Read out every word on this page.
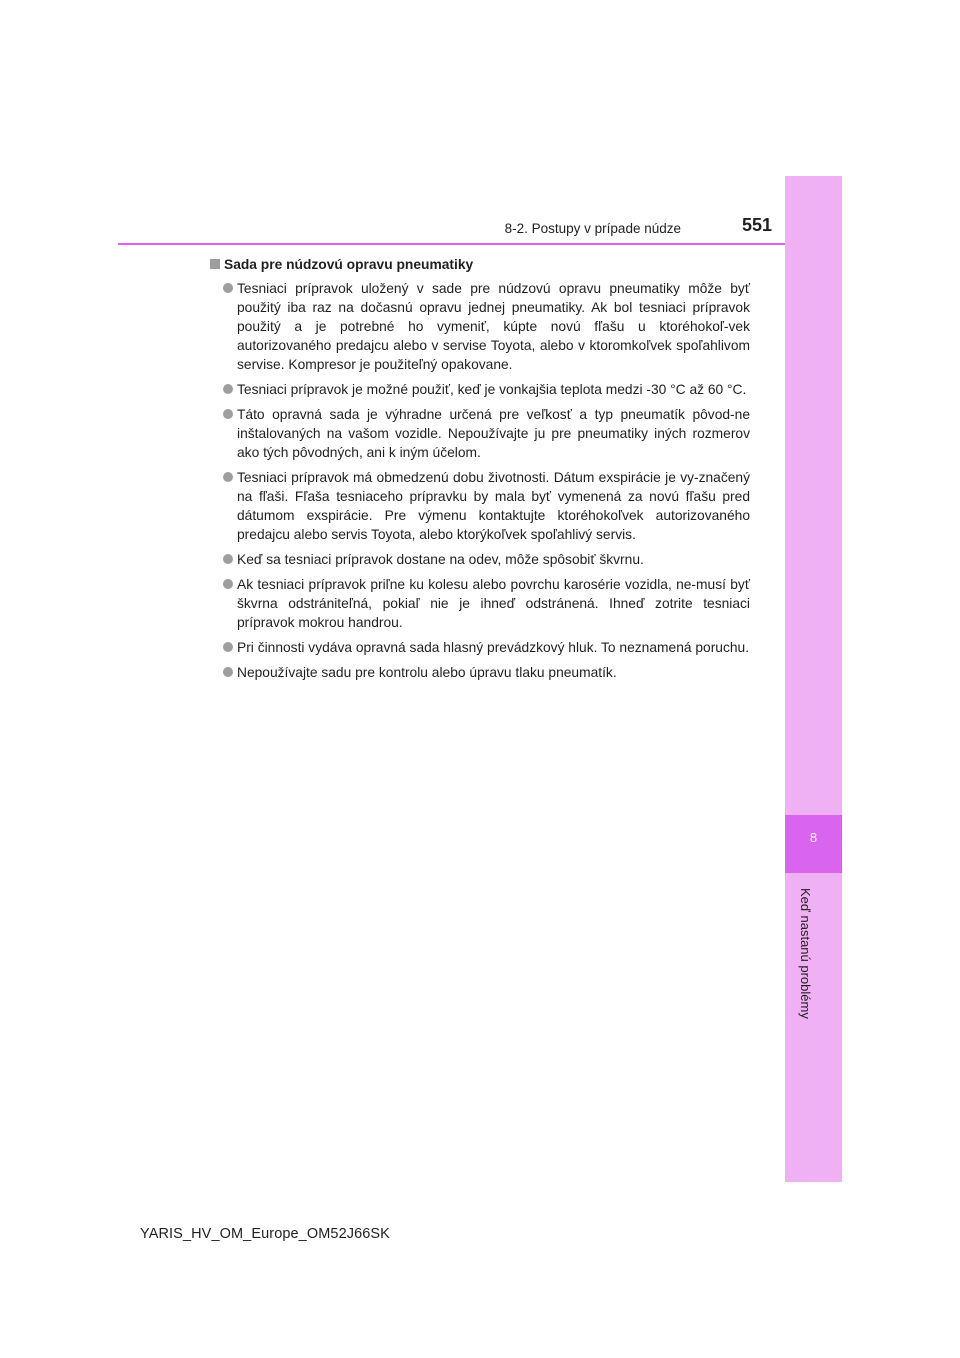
8
Keď nastanú problémy
8-2. Postupy v prípade núdze	551
Sada pre núdzovú opravu pneumatiky
Tesniaci prípravok uložený v sade pre núdzovú opravu pneumatiky môže byť použitý iba raz na dočasnú opravu jednej pneumatiky. Ak bol tesniaci prípravok použitý a je potrebné ho vymeniť, kúpte novú fľašu u ktoréhokoľ-vek autorizovaného predajcu alebo v servise Toyota, alebo v ktoromkoľvek spoľahlivom servise. Kompresor je použiteľný opakovane.
Tesniaci prípravok je možné použiť, keď je vonkajšia teplota medzi -30 °C až 60 °C.
Táto opravná sada je výhradne určená pre veľkosť a typ pneumatík pôvod-ne inštalovaných na vašom vozidle. Nepoužívajte ju pre pneumatiky iných rozmerov ako tých pôvodných, ani k iným účelom.
Tesniaci prípravok má obmedzenú dobu životnosti. Dátum exspirácie je vy-značený na fľaši. Fľaša tesniaceho prípravku by mala byť vymenená za novú fľašu pred dátumom exspirácie. Pre výmenu kontaktujte ktoréhokoľvek autorizovaného predajcu alebo servis Toyota, alebo ktorýkoľvek spoľahlivý servis.
Keď sa tesniaci prípravok dostane na odev, môže spôsobiť škvrnu.
Ak tesniaci prípravok priľne ku kolesu alebo povrchu karosérie vozidla, ne-musí byť škvrna odstrániteľná, pokiaľ nie je ihneď odstránená. Ihneď zotrite tesniaci prípravok mokrou handrou.
Pri činnosti vydáva opravná sada hlasný prevádzkový hluk. To neznamená poruchu.
Nepoužívajte sadu pre kontrolu alebo úpravu tlaku pneumatík.
YARIS_HV_OM_Europe_OM52J66SK
